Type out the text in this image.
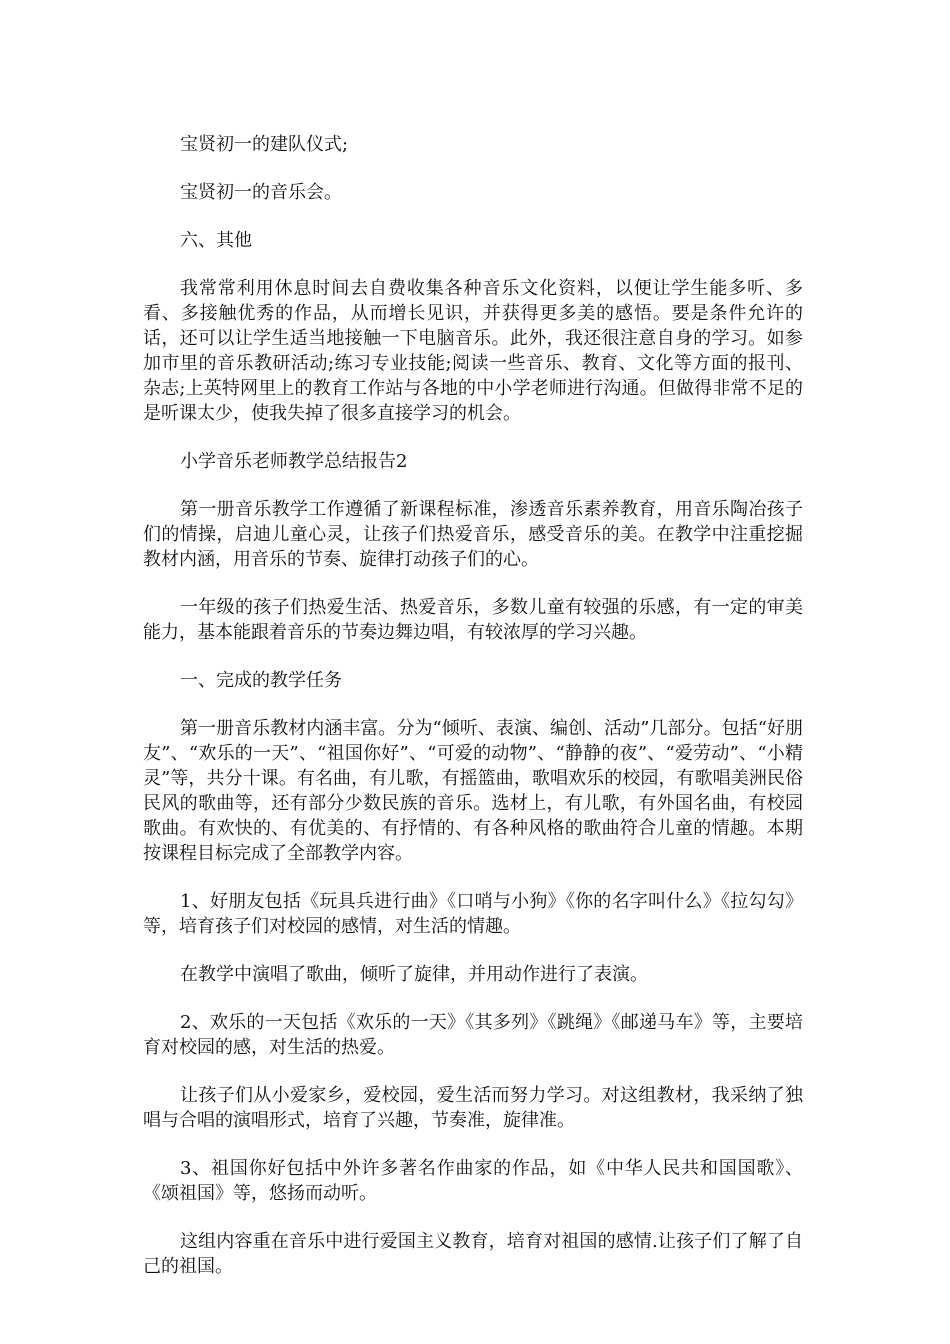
宝贤初一的建队仪式;

宝贤初一的音乐会。

六、其他

我常常利用休息时间去自费收集各种音乐文化资料，以便让学生能多听、多看、多接触优秀的作品，从而增长见识，并获得更多美的感悟。要是条件允许的话，还可以让学生适当地接触一下电脑音乐。此外，我还很注意自身的学习。如参加市里的音乐教研活动;练习专业技能;阅读一些音乐、教育、文化等方面的报刊、杂志;上英特网里上的教育工作站与各地的中小学老师进行沟通。但做得非常不足的是听课太少，使我失掉了很多直接学习的机会。

小学音乐老师教学总结报告2

第一册音乐教学工作遵循了新课程标准，渗透音乐素养教育，用音乐陶冶孩子们的情操，启迪儿童心灵，让孩子们热爱音乐，感受音乐的美。在教学中注重挖掘教材内涵，用音乐的节奏、旋律打动孩子们的心。

一年级的孩子们热爱生活、热爱音乐，多数儿童有较强的乐感，有一定的审美能力，基本能跟着音乐的节奏边舞边唱，有较浓厚的学习兴趣。

一、完成的教学任务

第一册音乐教材内涵丰富。分为“倾听、表演、编创、活动”几部分。包括“好朋友”、“欢乐的一天”、“祖国你好”、“可爱的动物”、“静静的夜”、“爱劳动”、“小精灵”等，共分十课。有名曲，有儿歌，有摇篮曲，歌唱欢乐的校园，有歌唱美洲民俗民风的歌曲等，还有部分少数民族的音乐。选材上，有儿歌，有外国名曲，有校园歌曲。有欢快的、有优美的、有抒情的、有各种风格的歌曲符合儿童的情趣。本期按课程目标完成了全部教学内容。

1、好朋友包括《玩具兵进行曲》《口哨与小狗》《你的名字叫什么》《拉勾勾》等，培育孩子们对校园的感情，对生活的情趣。

在教学中演唱了歌曲，倾听了旋律，并用动作进行了表演。

2、欢乐的一天包括《欢乐的一天》《其多列》《跳绳》《邮递马车》等，主要培育对校园的感，对生活的热爱。

让孩子们从小爱家乡，爱校园，爱生活而努力学习。对这组教材，我采纳了独唱与合唱的演唱形式，培育了兴趣，节奏准，旋律准。

3、祖国你好包括中外许多著名作曲家的作品，如《中华人民共和国国歌》、《颂祖国》等，悠扬而动听。

这组内容重在音乐中进行爱国主义教育，培育对祖国的感情.让孩子们了解了自己的祖国。
